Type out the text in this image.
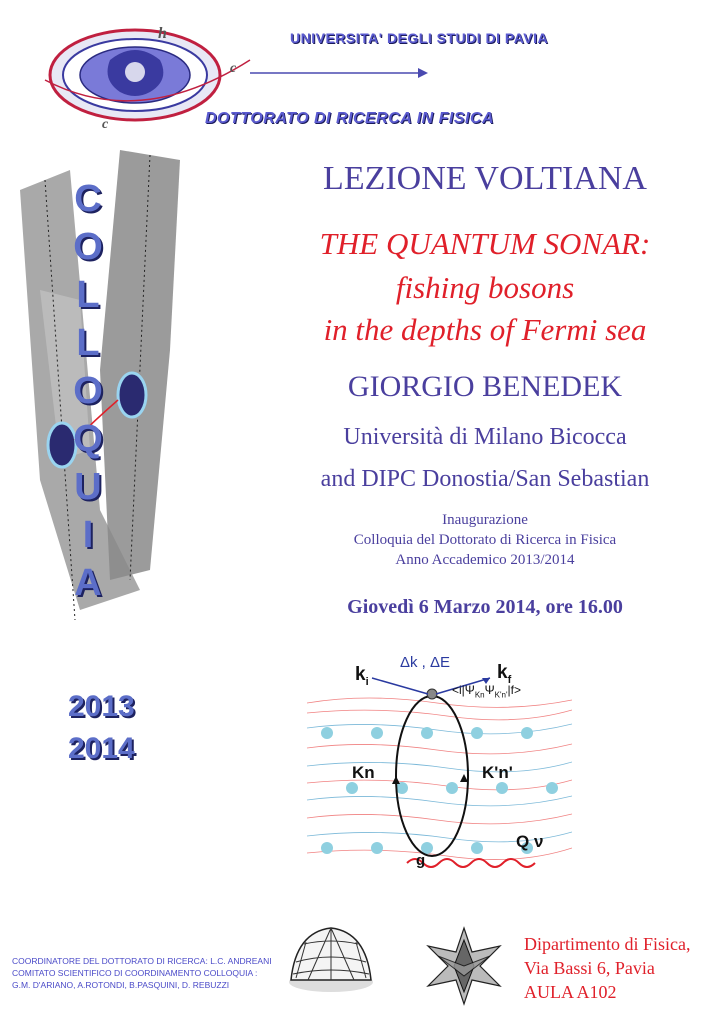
h
c
c
UNIVERSITA' DEGLI STUDI DI PAVIA
DOTTORATO DI RICERCA IN FISICA
C
O
L
L
O
Q
U
I
A
2013
2014
LEZIONE VOLTIANA
THE QUANTUM SONAR:
fishing bosons
in the depths of Fermi sea
GIORGIO BENEDEK
Università di Milano Bicocca
and DIPC Donostia/San Sebastian
Inaugurazione
Colloquia del Dottorato di Ricerca in Fisica
Anno Accademico 2013/2014
Giovedì 6 Marzo 2014, ore 16.00
$k_i$
Δk , ΔE $k_f$
$<i|\Psi_{Kn}\Psi_{K'n'}|f>$
Kn	K'n'
Q ν
g
COORDINATORE DEL DOTTORATO DI RICERCA: L.C. ANDREANI
COMITATO SCIENTIFICO DI COORDINAMENTO COLLOQUIA :
G.M. D'ARIANO, A.ROTONDI, B.PASQUINI, D. REBUZZI
Dipartimento di Fisica,
Via Bassi 6, Pavia
AULA A102
